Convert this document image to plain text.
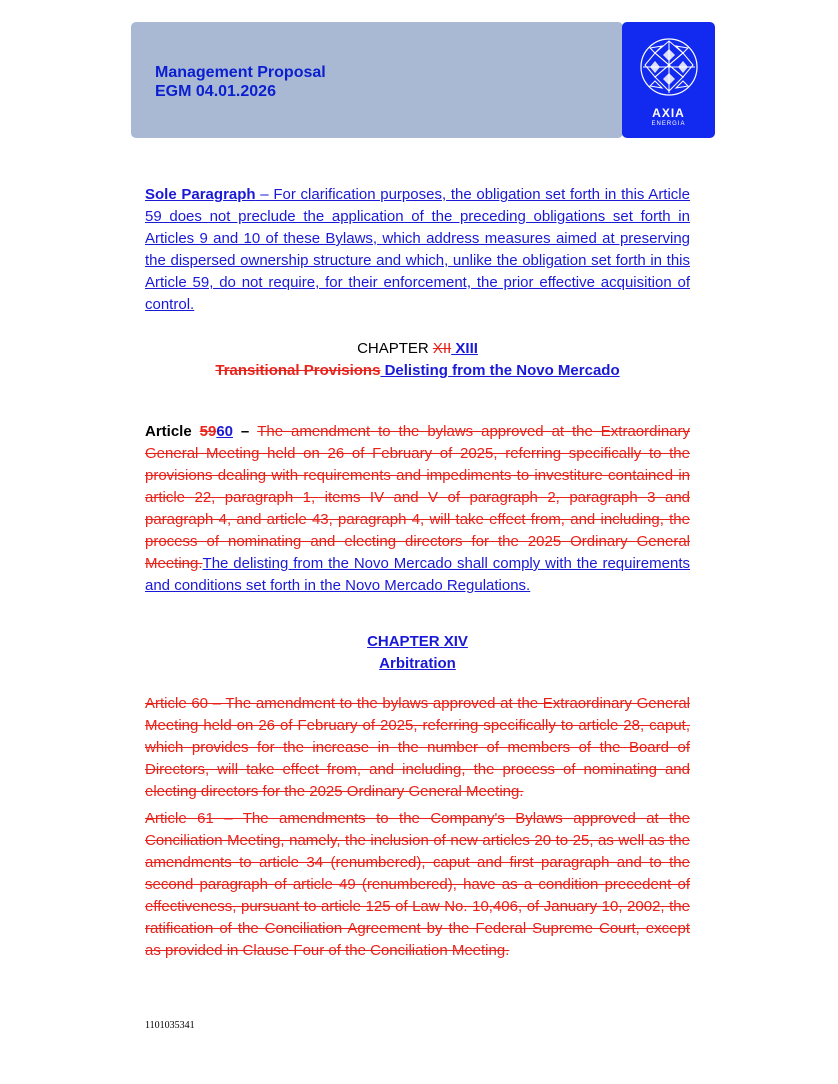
Management Proposal
EGM 04.01.2026
AXIA
ENERGIA
Sole Paragraph – For clarification purposes, the obligation set forth in this Article 59 does not preclude the application of the preceding obligations set forth in Articles 9 and 10 of these Bylaws, which address measures aimed at preserving the dispersed ownership structure and which, unlike the obligation set forth in this Article 59, do not require, for their enforcement, the prior effective acquisition of control.
CHAPTER XII XIII
Transitional Provisions Delisting from the Novo Mercado
Article 5960 – The amendment to the bylaws approved at the Extraordinary General Meeting held on 26 of February of 2025, referring specifically to the provisions dealing with requirements and impediments to investiture contained in article 22, paragraph 1, items IV and V of paragraph 2, paragraph 3 and paragraph 4, and article 43, paragraph 4, will take effect from, and including, the process of nominating and electing directors for the 2025 Ordinary General Meeting.The delisting from the Novo Mercado shall comply with the requirements and conditions set forth in the Novo Mercado Regulations.
CHAPTER XIV
Arbitration
Article 60 – The amendment to the bylaws approved at the Extraordinary General Meeting held on 26 of February of 2025, referring specifically to article 28, caput, which provides for the increase in the number of members of the Board of Directors, will take effect from, and including, the process of nominating and electing directors for the 2025 Ordinary General Meeting.
Article 61 – The amendments to the Company's Bylaws approved at the Conciliation Meeting, namely, the inclusion of new articles 20 to 25, as well as the amendments to article 34 (renumbered), caput and first paragraph and to the second paragraph of article 49 (renumbered), have as a condition precedent of effectiveness, pursuant to article 125 of Law No. 10,406, of January 10, 2002, the ratification of the Conciliation Agreement by the Federal Supreme Court, except as provided in Clause Four of the Conciliation Meeting.
1101035341
